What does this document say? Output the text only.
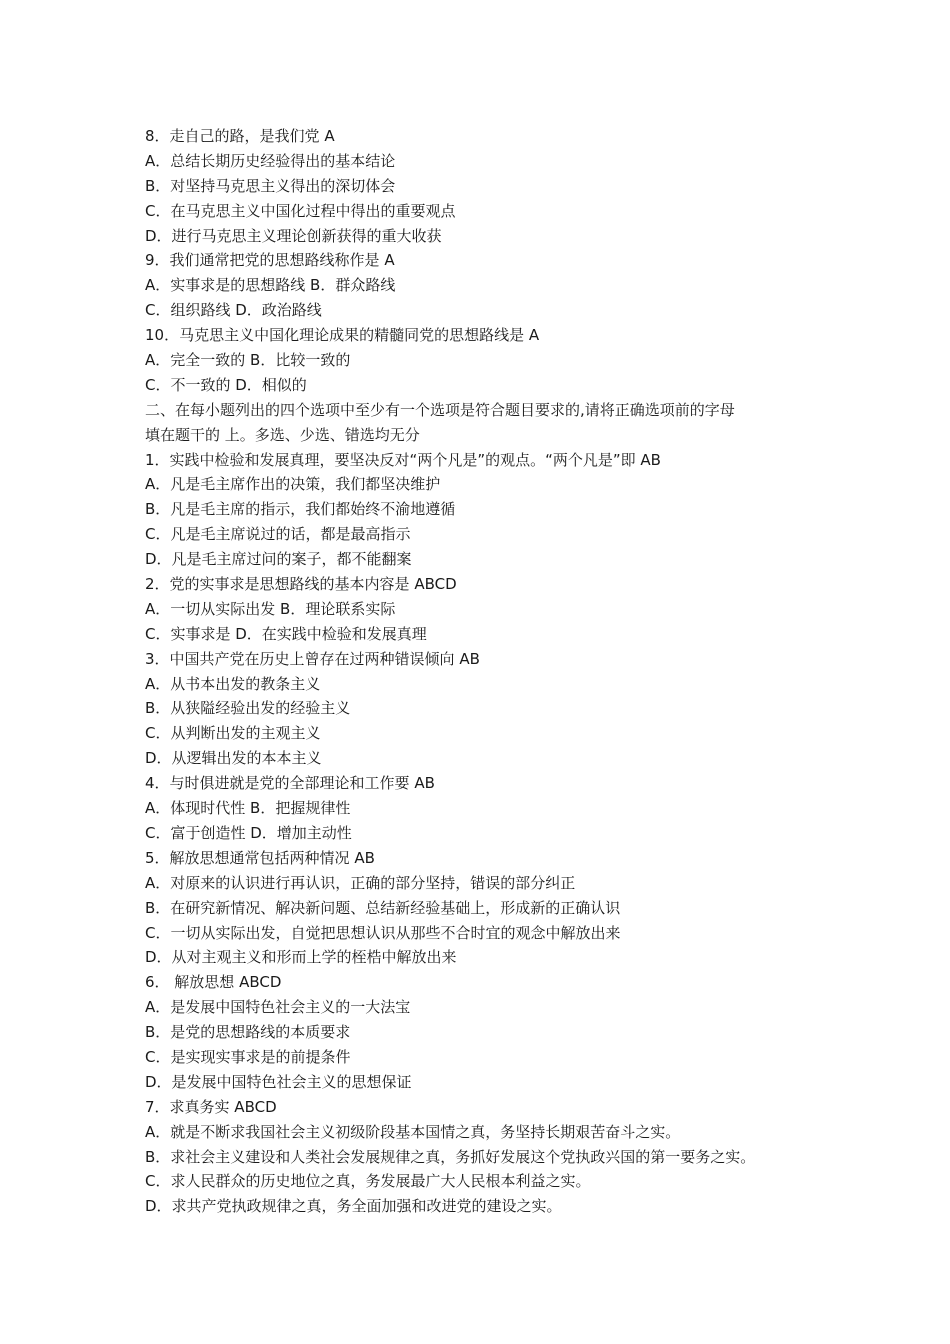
8．走自己的路，是我们党 A
A．总结长期历史经验得出的基本结论
B．对坚持马克思主义得出的深切体会
C．在马克思主义中国化过程中得出的重要观点
D．进行马克思主义理论创新获得的重大收获
9．我们通常把党的思想路线称作是 A
A．实事求是的思想路线 B．群众路线
C．组织路线 D．政治路线
10．马克思主义中国化理论成果的精髓同党的思想路线是 A
A．完全一致的 B．比较一致的
C．不一致的 D．相似的
二、在每小题列出的四个选项中至少有一个选项是符合题目要求的,请将正确选项前的字母
填在题干的 上。多选、少选、错选均无分
1．实践中检验和发展真理，要坚决反对“两个凡是”的观点。“两个凡是”即 AB
A．凡是毛主席作出的决策，我们都坚决维护
B．凡是毛主席的指示，我们都始终不渝地遵循
C．凡是毛主席说过的话，都是最高指示
D．凡是毛主席过问的案子，都不能翻案
2．党的实事求是思想路线的基本内容是 ABCD
A．一切从实际出发 B．理论联系实际
C．实事求是 D．在实践中检验和发展真理
3．中国共产党在历史上曾存在过两种错误倾向 AB
A．从书本出发的教条主义
B．从狭隘经验出发的经验主义
C．从判断出发的主观主义
D．从逻辑出发的本本主义
4．与时俱进就是党的全部理论和工作要 AB
A．体现时代性 B．把握规律性
C．富于创造性 D．增加主动性
5．解放思想通常包括两种情况 AB
A．对原来的认识进行再认识，正确的部分坚持，错误的部分纠正
B．在研究新情况、解决新问题、总结新经验基础上，形成新的正确认识
C．一切从实际出发，自觉把思想认识从那些不合时宜的观念中解放出来
D．从对主观主义和形而上学的桎梏中解放出来
6． 解放思想 ABCD
A．是发展中国特色社会主义的一大法宝
B．是党的思想路线的本质要求
C．是实现实事求是的前提条件
D．是发展中国特色社会主义的思想保证
7．求真务实 ABCD
A．就是不断求我国社会主义初级阶段基本国情之真，务坚持长期艰苦奋斗之实。
B．求社会主义建设和人类社会发展规律之真，务抓好发展这个党执政兴国的第一要务之实。
C．求人民群众的历史地位之真，务发展最广大人民根本利益之实。
D．求共产党执政规律之真，务全面加强和改进党的建设之实。
